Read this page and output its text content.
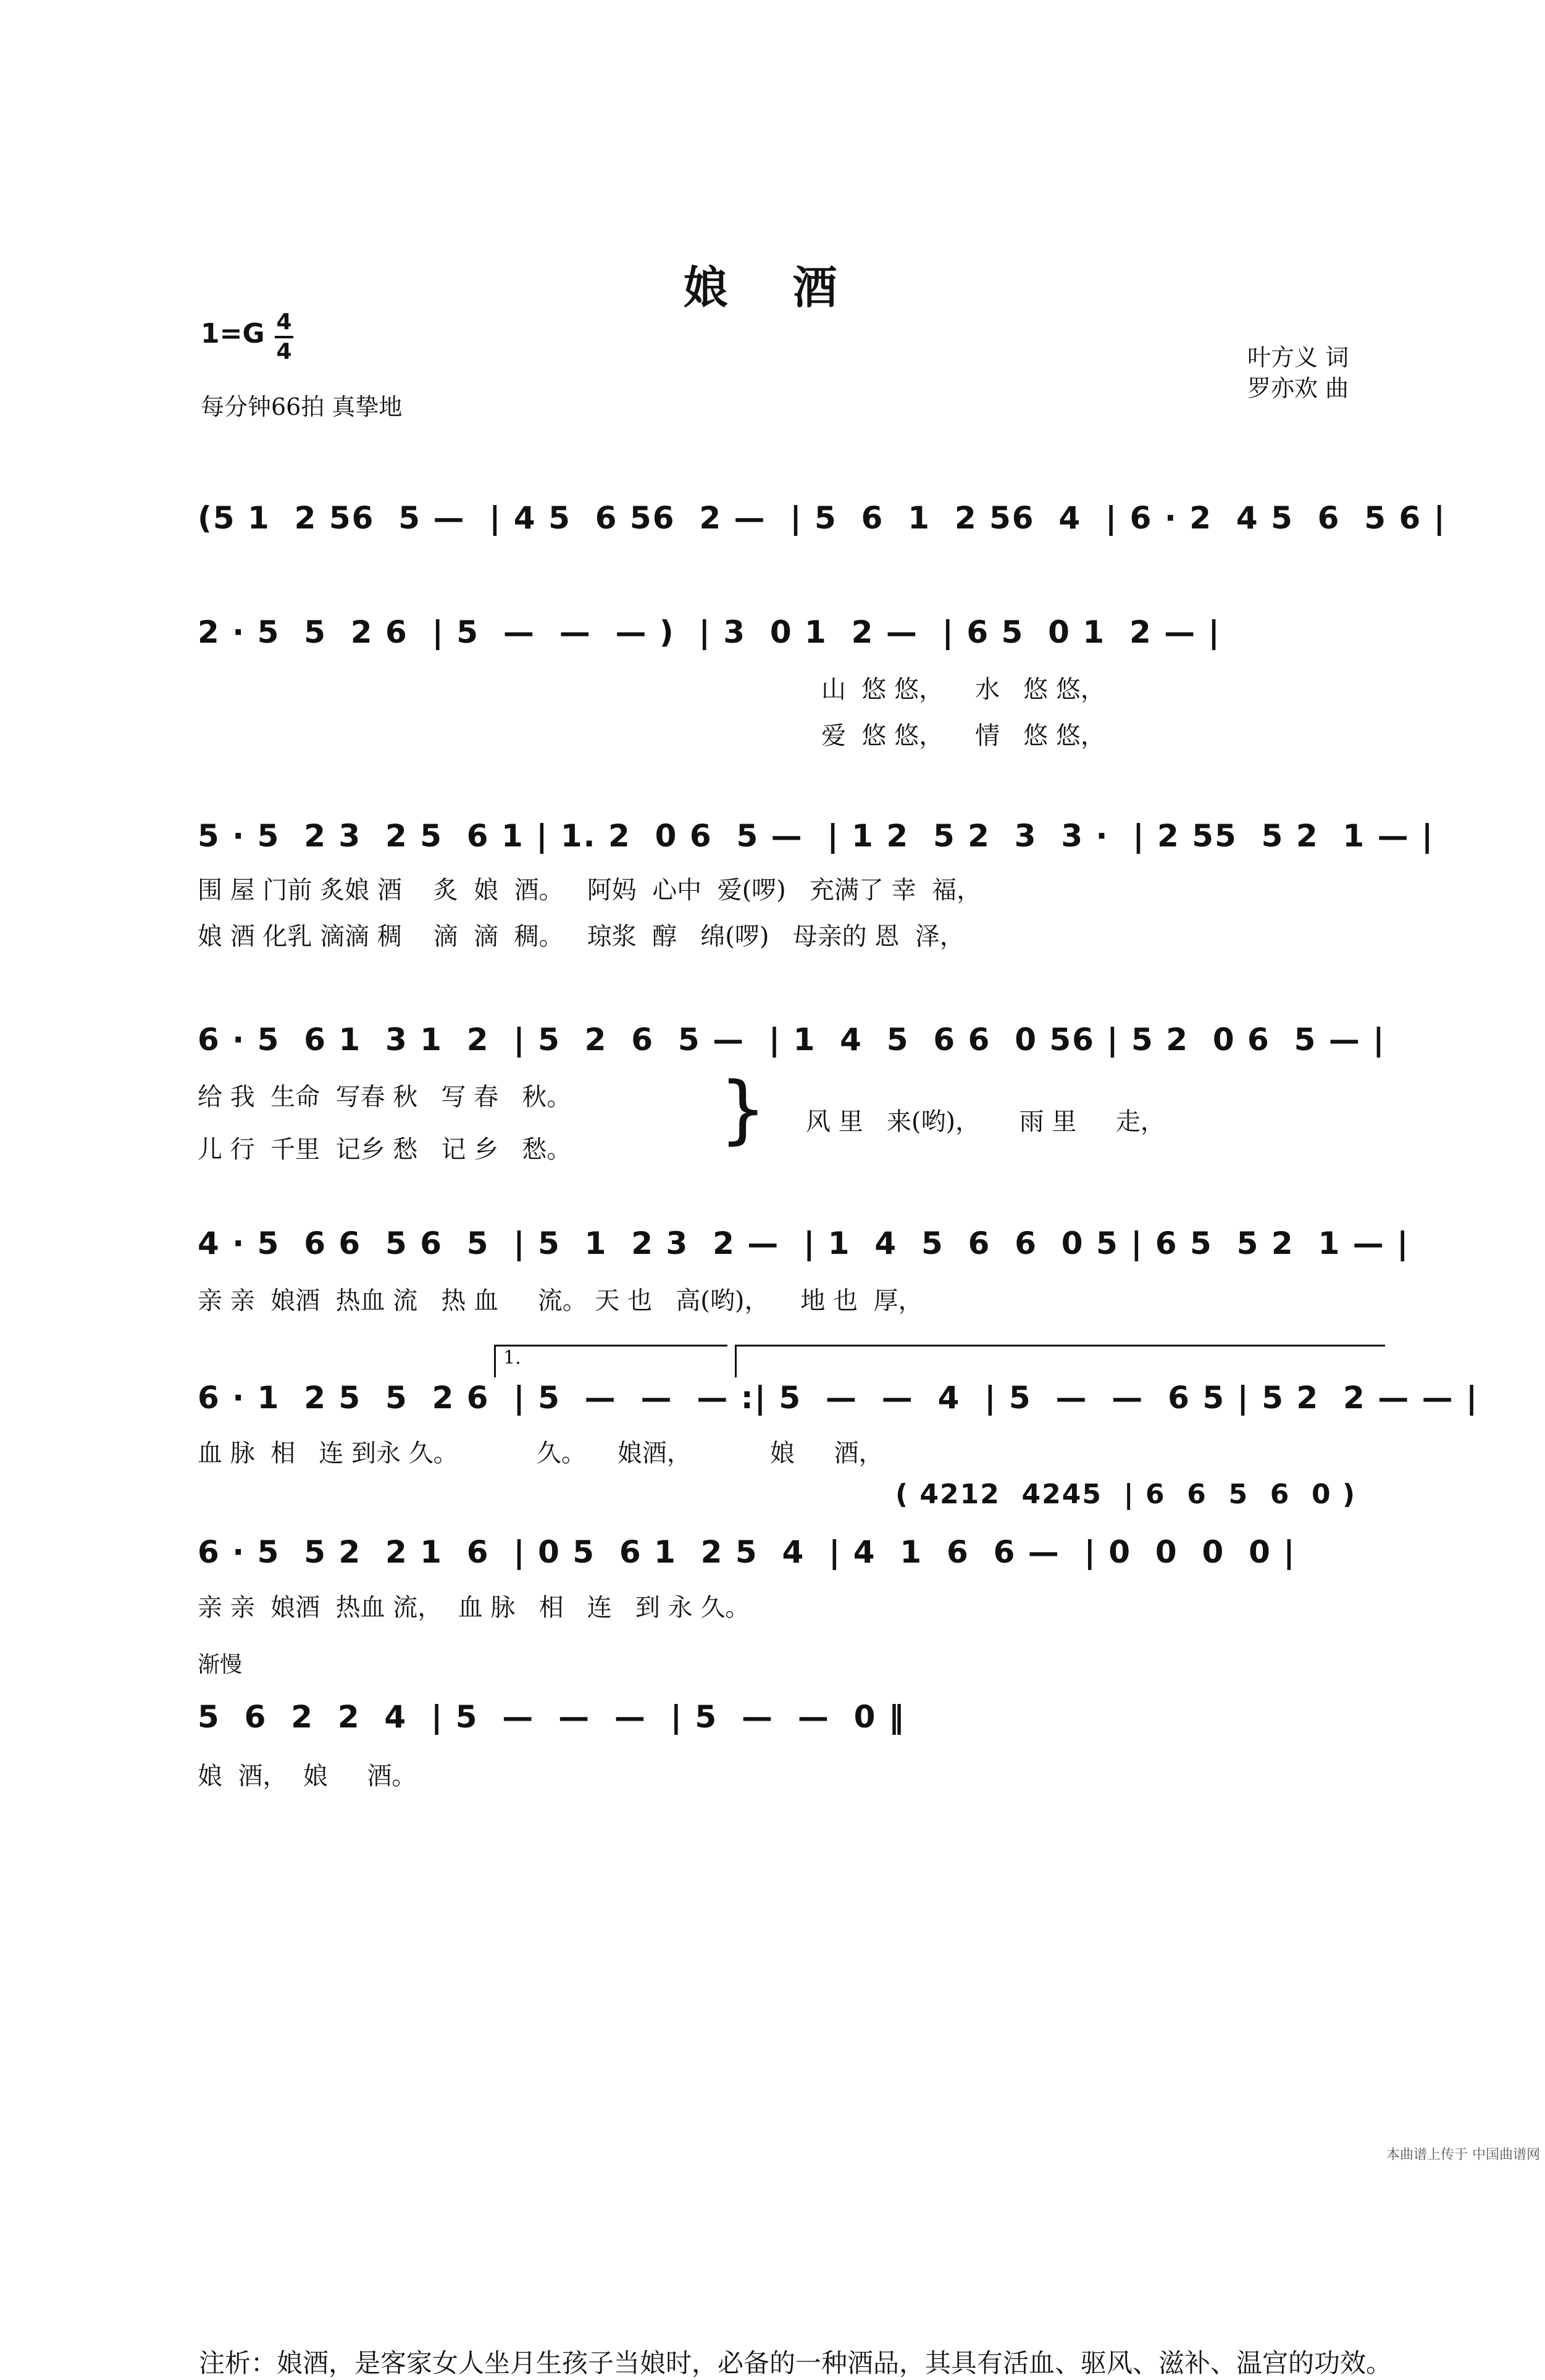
娘 酒
1=G 4
4
每分钟66拍 真挚地
叶方义 词
罗亦欢 曲
(5 1  2 56  5 —  | 4 5  6 56  2 —  | 5  6  1  2 56  4  | 6 · 2  4 5  6  5 6 |
2 · 5  5  2 6  | 5  —  —  — )  | 3  0 1  2 —  | 6 5  0 1  2 — |
山  悠 悠，    水   悠 悠，
爱  悠 悠，    情   悠 悠，
5 · 5  2 3  2 5  6 1 | 1. 2  0 6  5 —  | 1 2  5 2  3  3 ·  | 2 55  5 2  1 — |
围 屋 门前 炙娘 酒    炙  娘  酒。   阿妈  心中  爱(啰)   充满了 幸  福，
娘 酒 化乳 滴滴 稠    滴  滴  稠。   琼浆  醇   绵(啰)   母亲的 恩  泽，
6 · 5  6 1  3 1  2  | 5  2  6  5 —  | 1  4  5  6 6  0 56 | 5 2  0 6  5 — |
给 我  生命  写春 秋   写 春   秋。
儿 行  千里  记乡 愁   记 乡   愁。 } 风 里   来(哟)，     雨 里     走，
4 · 5  6 6  5 6  5  | 5  1  2 3  2 —  | 1  4  5  6  6  0 5 | 6 5  5 2  1 — |
亲 亲  娘酒  热血 流   热 血     流。 天 也   高(哟)，    地 也  厚，
1.
6 · 1  2 5  5  2 6  | 5  —  —  — :| 5  —  —  4  | 5  —  —  6 5 | 5 2  2 — — |
血 脉  相   连 到永 久。          久。    娘酒，          娘     酒，
( 4212  4245  | 6  6  5  6  0 )
6 · 5  5 2  2 1  6  | 0 5  6 1  2 5  4  | 4  1  6  6 —  | 0  0  0  0 |
亲 亲  娘酒  热血 流，  血 脉   相   连   到 永 久。
渐慢
5  6  2  2  4  | 5  —  —  —  | 5  —  —  0 ‖
娘  酒，  娘     酒。
注析：娘酒，是客家女人坐月生孩子当娘时，必备的一种酒品，其具有活血、驱风、滋补、温宫的功效。
本曲谱上传于 中国曲谱网
